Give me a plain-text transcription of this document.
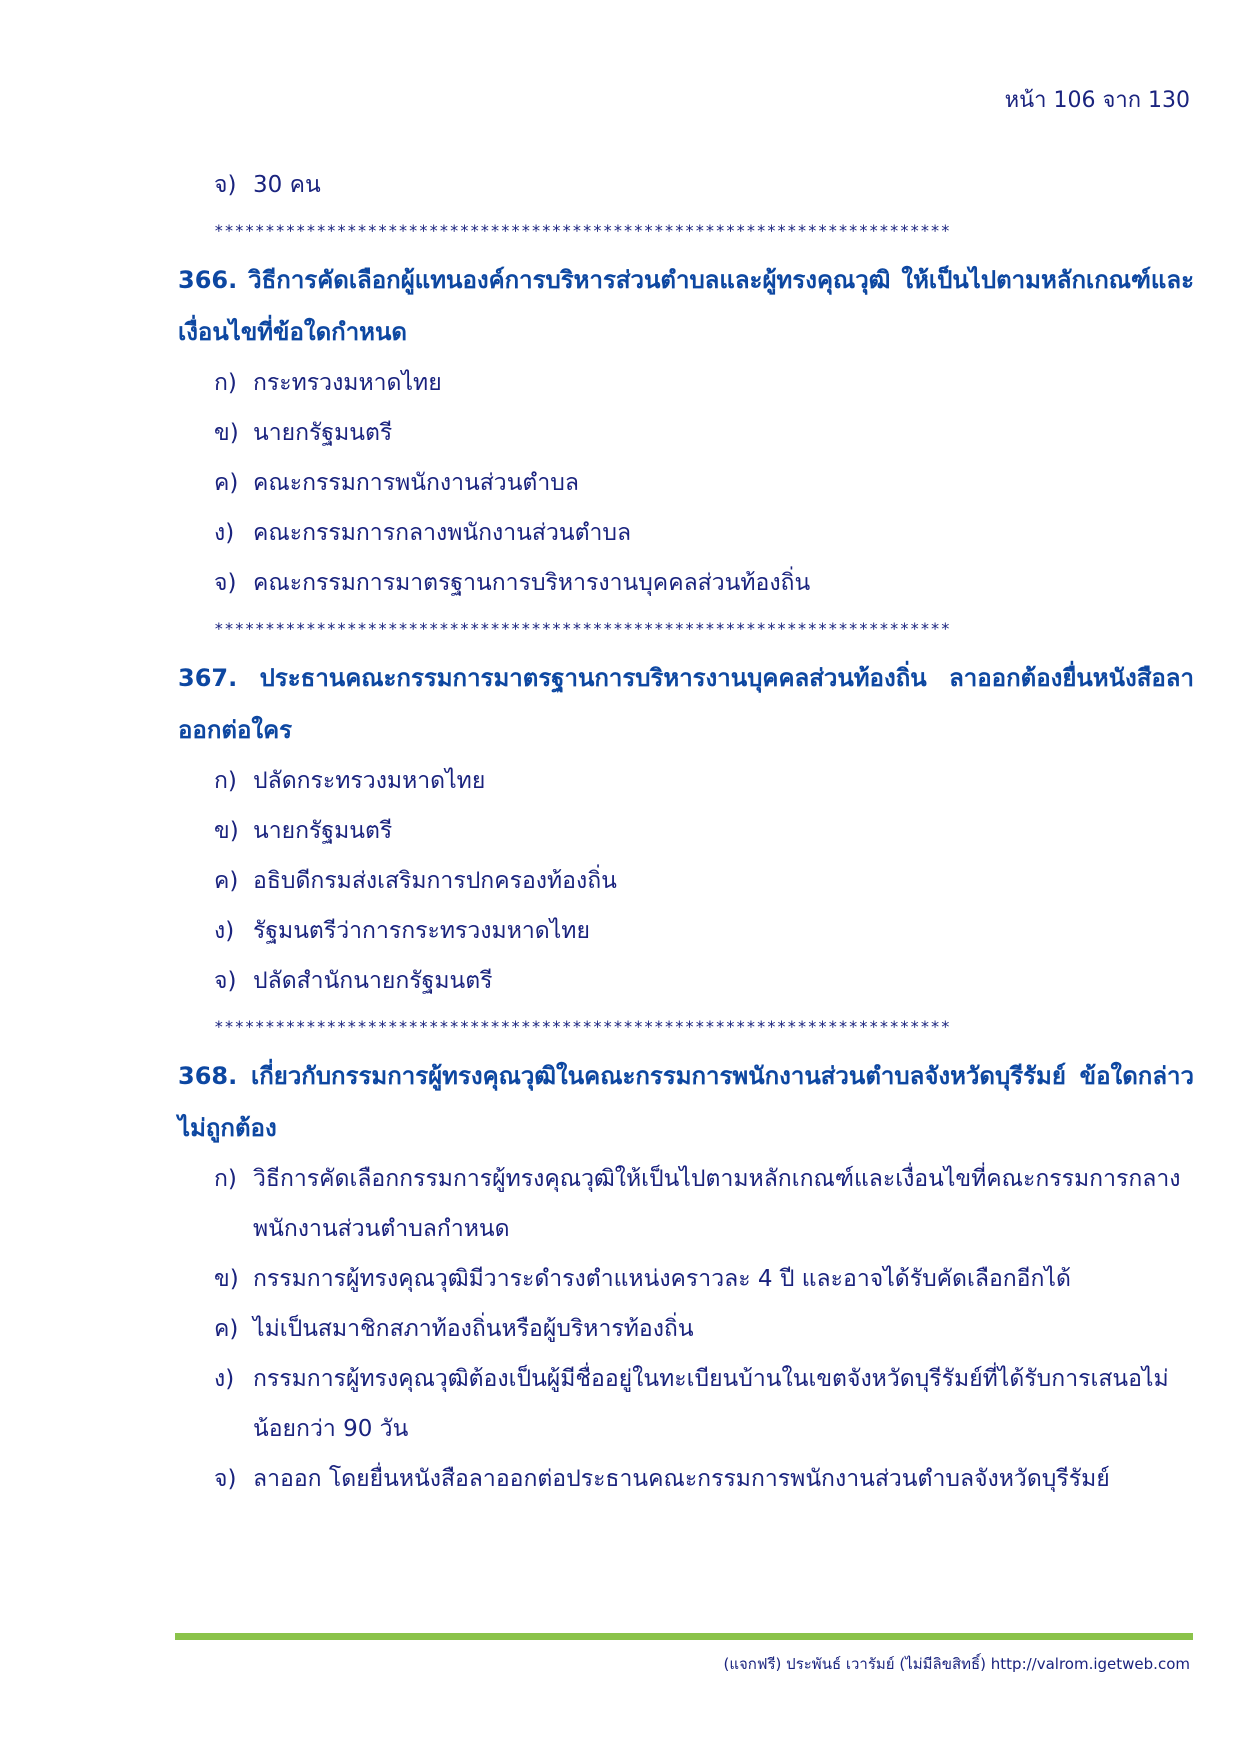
หน้า 106 จาก 130
จ) 30 คน
************************************************************************
366. วิธีการคัดเลือกผู้แทนองค์การบริหารส่วนตำบลและผู้ทรงคุณวุฒิ ให้เป็นไปตามหลักเกณฑ์และเงื่อนไขที่ข้อใดกำหนด
ก) กระทรวงมหาดไทย
ข) นายกรัฐมนตรี
ค) คณะกรรมการพนักงานส่วนตำบล
ง) คณะกรรมการกลางพนักงานส่วนตำบล
จ) คณะกรรมการมาตรฐานการบริหารงานบุคคลส่วนท้องถิ่น
************************************************************************
367. ประธานคณะกรรมการมาตรฐานการบริหารงานบุคคลส่วนท้องถิ่น ลาออกต้องยื่นหนังสือลาออกต่อใคร
ก) ปลัดกระทรวงมหาดไทย
ข) นายกรัฐมนตรี
ค) อธิบดีกรมส่งเสริมการปกครองท้องถิ่น
ง) รัฐมนตรีว่าการกระทรวงมหาดไทย
จ) ปลัดสำนักนายกรัฐมนตรี
************************************************************************
368. เกี่ยวกับกรรมการผู้ทรงคุณวุฒิในคณะกรรมการพนักงานส่วนตำบลจังหวัดบุรีรัมย์ ข้อใดกล่าวไม่ถูกต้อง
ก) วิธีการคัดเลือกกรรมการผู้ทรงคุณวุฒิให้เป็นไปตามหลักเกณฑ์และเงื่อนไขที่คณะกรรมการกลางพนักงานส่วนตำบลกำหนด
ข) กรรมการผู้ทรงคุณวุฒิมีวาระดำรงตำแหน่งคราวละ 4 ปี และอาจได้รับคัดเลือกอีกได้
ค) ไม่เป็นสมาชิกสภาท้องถิ่นหรือผู้บริหารท้องถิ่น
ง) กรรมการผู้ทรงคุณวุฒิต้องเป็นผู้มีชื่ออยู่ในทะเบียนบ้านในเขตจังหวัดบุรีรัมย์ที่ได้รับการเสนอไม่น้อยกว่า 90 วัน
จ) ลาออก โดยยื่นหนังสือลาออกต่อประธานคณะกรรมการพนักงานส่วนตำบลจังหวัดบุรีรัมย์
(แจกฟรี) ประพันธ์ เวารัมย์ (ไม่มีลิขสิทธิ์) http://valrom.igetweb.com
